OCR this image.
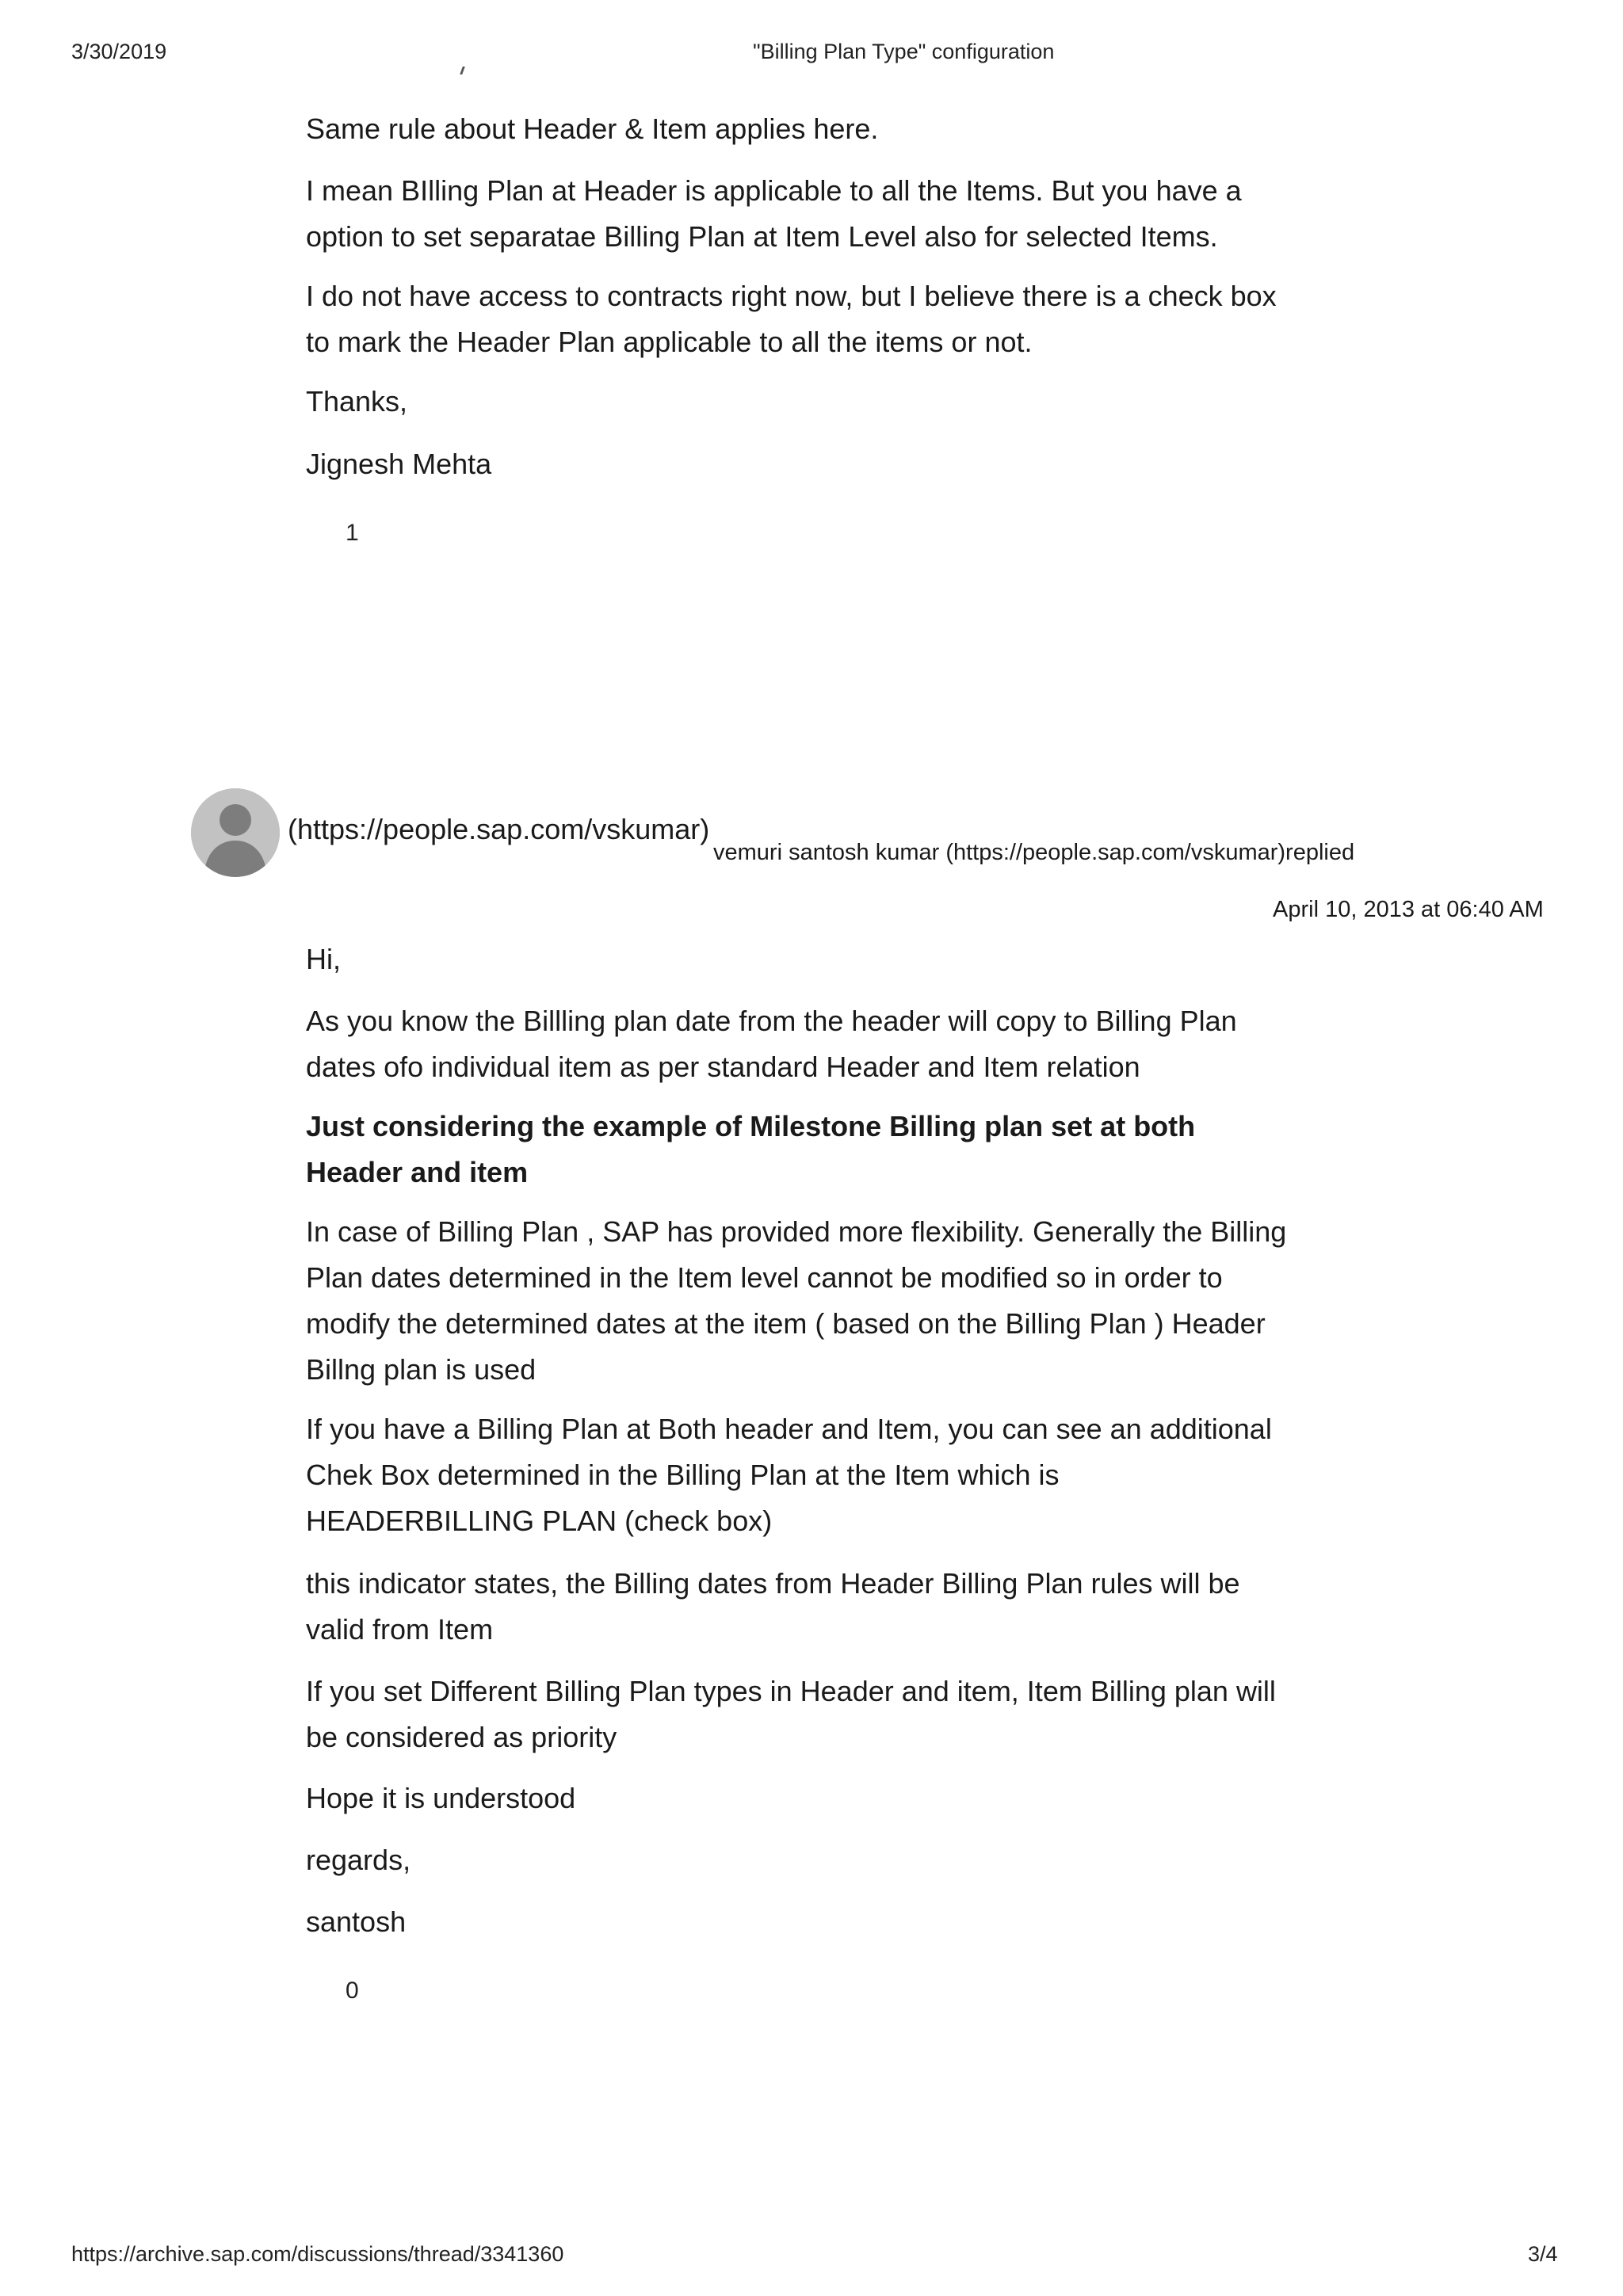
3/30/2019	"Billing Plan Type" configuration

Same rule about Header & Item applies here.

I mean BIlling Plan at Header is applicable to all the Items. But you have a option to set separatae Billing Plan at Item Level also for selected Items.

I do not have access to contracts right now, but I believe there is a check box to mark the Header Plan applicable to all the items or not.

Thanks,

Jignesh Mehta

1
(https://people.sap.com/vskumar)
vemuri santosh kumar (https://people.sap.com/vskumar)replied
April 10, 2013 at 06:40 AM

Hi,

As you know the Billling plan date from the header will copy to Billing Plan dates ofo individual item as per standard Header and Item relation

Just considering the example of Milestone Billing plan set at both Header and item

In case of Billing Plan , SAP has provided more flexibility. Generally the Billing Plan dates determined in the Item level cannot be modified so in order to modify the determined dates at the item ( based on the Billing Plan ) Header Billng plan is used

If you have a Billing Plan at Both header and Item, you can see an additional Chek Box determined in the Billing Plan at the Item which is HEADERBILLING PLAN (check box)

this indicator states, the Billing dates from Header Billing Plan rules will be valid from Item

If you set Different Billing Plan types in Header and item, Item Billing plan will be considered as priority

Hope it is understood

regards,

santosh

0
https://archive.sap.com/discussions/thread/3341360	3/4
